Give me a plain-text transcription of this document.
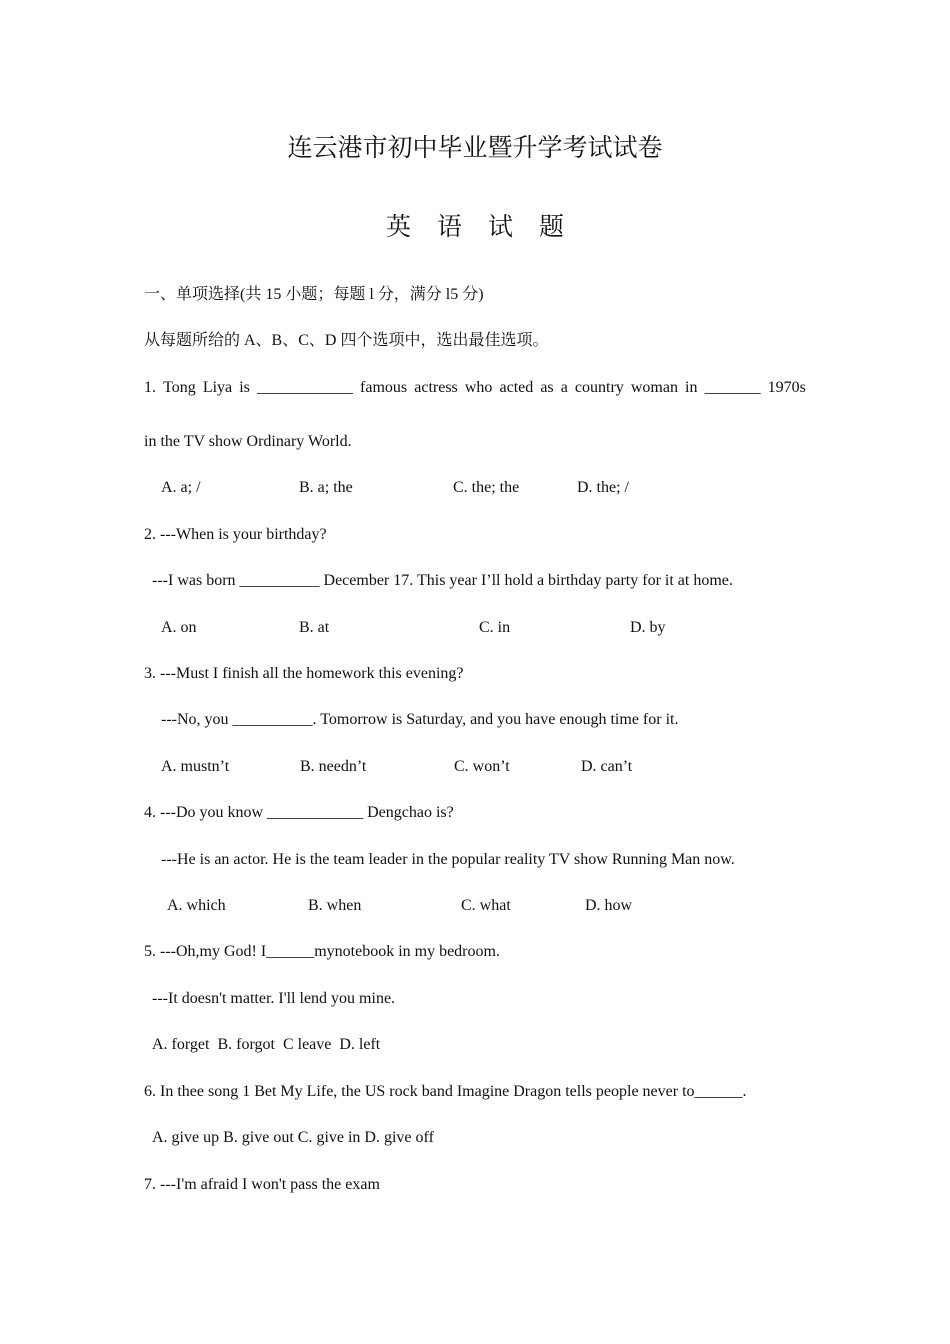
连云港市初中毕业暨升学考试试卷
英语试题
一、单项选择(共 15 小题；每题 l 分，满分 l5 分)
从每题所给的 A、B、C、D 四个选项中，选出最佳选项。
1. Tong Liya is ____________ famous actress who acted as a country woman in _______ 1970s
in the TV show Ordinary World.
A. a; /	B. a; the	C. the; the	D. the; /
2. ---When is your birthday?
---I was born __________ December 17. This year I’ll hold a birthday party for it at home.
A. on	B. at	C. in	D. by
3. ---Must I finish all the homework this evening?
---No, you __________. Tomorrow is Saturday, and you have enough time for it.
A. mustn’t	B. needn’t	C. won’t	D. can’t
4. ---Do you know ____________ Dengchao is?
---He is an actor. He is the team leader in the popular reality TV show Running Man now.
A. which	B. when	C. what	D. how
5. ---Oh,my God! I______mynotebook in my bedroom.
---It doesn't matter. I'll lend you mine.
A. forget  B. forgot  C leave  D. left
6. In thee song 1 Bet My Life, the US rock band Imagine Dragon tells people never to______.
A. give up B. give out C. give in D. give off
7. ---I'm afraid I won't pass the exam
